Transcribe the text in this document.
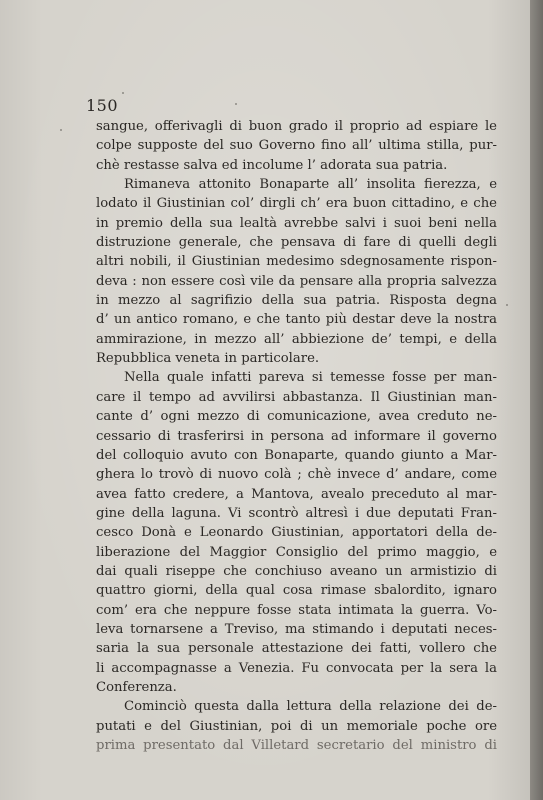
150
sangue, offerivagli di buon grado il proprio ad espiare le
colpe supposte del suo Governo fino all’ ultima stilla, pur-
chè restasse salva ed incolume l’ adorata sua patria.
Rimaneva attonito Bonaparte all’ insolita fierezza, e
lodato il Giustinian col’ dirgli ch’ era buon cittadino, e che
in premio della sua lealtà avrebbe salvi i suoi beni nella
distruzione generale, che pensava di fare di quelli degli
altri nobili, il Giustinian medesimo sdegnosamente rispon-
deva : non essere così vile da pensare alla propria salvezza
in mezzo al sagrifizio della sua patria. Risposta degna
d’ un antico romano, e che tanto più destar deve la nostra
ammirazione, in mezzo all’ abbiezione de’ tempi, e della
Repubblica veneta in particolare.
Nella quale infatti pareva si temesse fosse per man-
care il tempo ad avvilirsi abbastanza. Il Giustinian man-
cante d’ ogni mezzo di comunicazione, avea creduto ne-
cessario di trasferirsi in persona ad informare il governo
del colloquio avuto con Bonaparte, quando giunto a Mar-
ghera lo trovò di nuovo colà ; chè invece d’ andare, come
avea fatto credere, a Mantova, avealo preceduto al mar-
gine della laguna. Vi scontrò altresì i due deputati Fran-
cesco Donà e Leonardo Giustinian, apportatori della de-
liberazione del Maggior Consiglio del primo maggio, e
dai quali riseppe che conchiuso aveano un armistizio di
quattro giorni, della qual cosa rimase sbalordito, ignaro
com’ era che neppure fosse stata intimata la guerra. Vo-
leva tornarsene a Treviso, ma stimando i deputati neces-
saria la sua personale attestazione dei fatti, vollero che
li accompagnasse a Venezia. Fu convocata per la sera la
Conferenza.
Cominciò questa dalla lettura della relazione dei de-
putati e del Giustinian, poi di un memoriale poche ore
prima presentato dal Villetard secretario del ministro di
